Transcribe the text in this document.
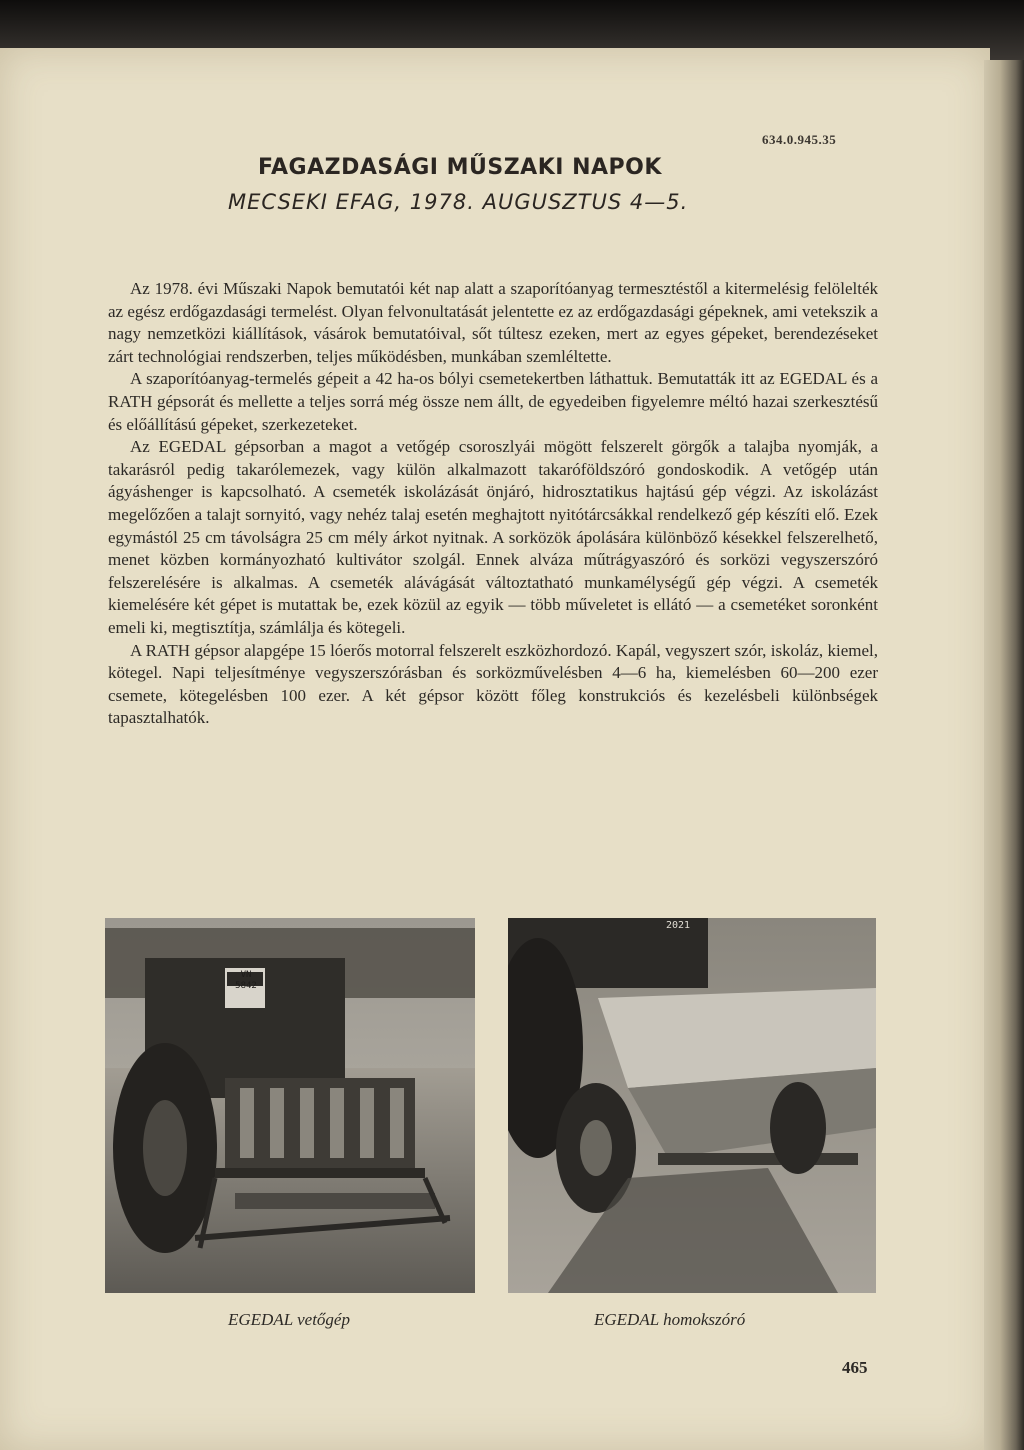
634.0.945.35
FAGAZDASÁGI MŰSZAKI NAPOK
MECSEKI EFAG, 1978. AUGUSZTUS 4—5.

Az 1978. évi Műszaki Napok bemutatói két nap alatt a szaporítóanyag termesztéstől a kitermelésig felölelték az egész erdőgazdasági termelést. Olyan felvonultatását jelentette ez az erdőgazdasági gépeknek, ami vetekszik a nagy nemzetközi kiállítások, vásárok bemutatóival, sőt túltesz ezeken, mert az egyes gépeket, berendezéseket zárt technológiai rendszerben, teljes működésben, munkában szemléltette.

A szaporítóanyag-termelés gépeit a 42 ha-os bólyi csemetekertben láthattuk. Bemutatták itt az EGEDAL és a RATH gépsorát és mellette a teljes sorrá még össze nem állt, de egyedeiben figyelemre méltó hazai szerkesztésű és előállítású gépeket, szerkezeteket.

Az EGEDAL gépsorban a magot a vetőgép csoroszlyái mögött felszerelt görgők a talajba nyomják, a takarásról pedig takarólemezek, vagy külön alkalmazott takaróföldszóró gondoskodik. A vetőgép után ágyáshenger is kapcsolható. A csemeték iskolázását önjáró, hidrosztatikus hajtású gép végzi. Az iskolázást megelőzően a talajt sornyitó, vagy nehéz talaj esetén meghajtott nyitótárcsákkal rendelkező gép készíti elő. Ezek egymástól 25 cm távolságra 25 cm mély árkot nyitnak. A sorközök ápolására különböző késekkel felszerelhető, menet közben kormányozható kultivátor szolgál. Ennek alváza műtrágyaszóró és sorközi vegyszerszóró felszerelésére is alkalmas. A csemeték alávágását változtatható munkamélységű gép végzi. A csemeték kiemelésére két gépet is mutattak be, ezek közül az egyik — több műveletet is ellátó — a csemetéket soronként emeli ki, megtisztítja, számlálja és kötegeli.

A RATH gépsor alapgépe 15 lóerős motorral felszerelt eszközhordozó. Kapál, vegyszert szór, iskoláz, kiemel, kötegel. Napi teljesítménye vegyszerszórásban és sorközművelésben 4—6 ha, kiemelésben 60—200 ezer csemete, kötegelésben 100 ezer. A két gépsor között főleg konstrukciós és kezelésbeli különbségek tapasztalhatók.

VN 5842
2021
EGEDAL vetőgép	EGEDAL homokszóró
465
